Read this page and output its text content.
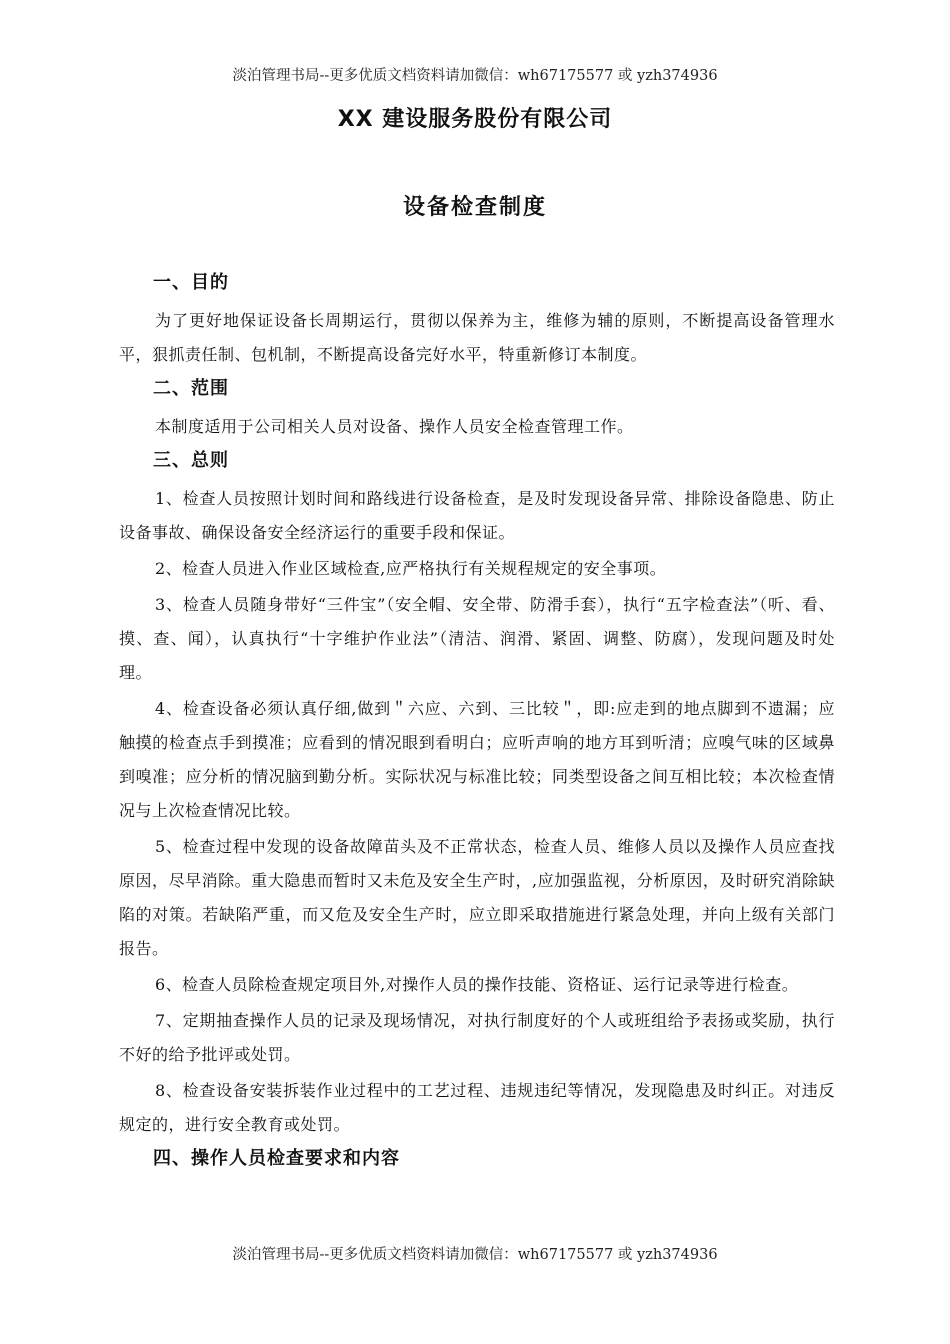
淡泊管理书局--更多优质文档资料请加微信：wh67175577 或 yzh374936
XX 建设服务股份有限公司
设备检查制度
一、目的
为了更好地保证设备长周期运行，贯彻以保养为主，维修为辅的原则，不断提高设备管理水平，狠抓责任制、包机制，不断提高设备完好水平，特重新修订本制度。
二、范围
本制度适用于公司相关人员对设备、操作人员安全检查管理工作。
三、总则
1、检查人员按照计划时间和路线进行设备检查，是及时发现设备异常、排除设备隐患、防止设备事故、确保设备安全经济运行的重要手段和保证。
2、检查人员进入作业区域检查,应严格执行有关规程规定的安全事项。
3、检查人员随身带好“三件宝”（安全帽、安全带、防滑手套），执行“五字检查法”（听、看、摸、查、闻），认真执行“十字维护作业法”（清洁、润滑、紧固、调整、防腐），发现问题及时处理。
4、检查设备必须认真仔细,做到＂六应、六到、三比较＂，即:应走到的地点脚到不遗漏；应触摸的检查点手到摸准；应看到的情况眼到看明白；应听声响的地方耳到听清；应嗅气味的区域鼻到嗅准；应分析的情况脑到勤分析。实际状况与标准比较；同类型设备之间互相比较；本次检查情况与上次检查情况比较。
5、检查过程中发现的设备故障苗头及不正常状态，检查人员、维修人员以及操作人员应查找原因，尽早消除。重大隐患而暂时又未危及安全生产时，,应加强监视，分析原因，及时研究消除缺陷的对策。若缺陷严重，而又危及安全生产时，应立即采取措施进行紧急处理，并向上级有关部门报告。
6、检查人员除检查规定项目外,对操作人员的操作技能、资格证、运行记录等进行检查。
7、定期抽查操作人员的记录及现场情况，对执行制度好的个人或班组给予表扬或奖励，执行不好的给予批评或处罚。
8、检查设备安装拆装作业过程中的工艺过程、违规违纪等情况，发现隐患及时纠正。对违反规定的，进行安全教育或处罚。
四、操作人员检查要求和内容
淡泊管理书局--更多优质文档资料请加微信：wh67175577 或 yzh374936
